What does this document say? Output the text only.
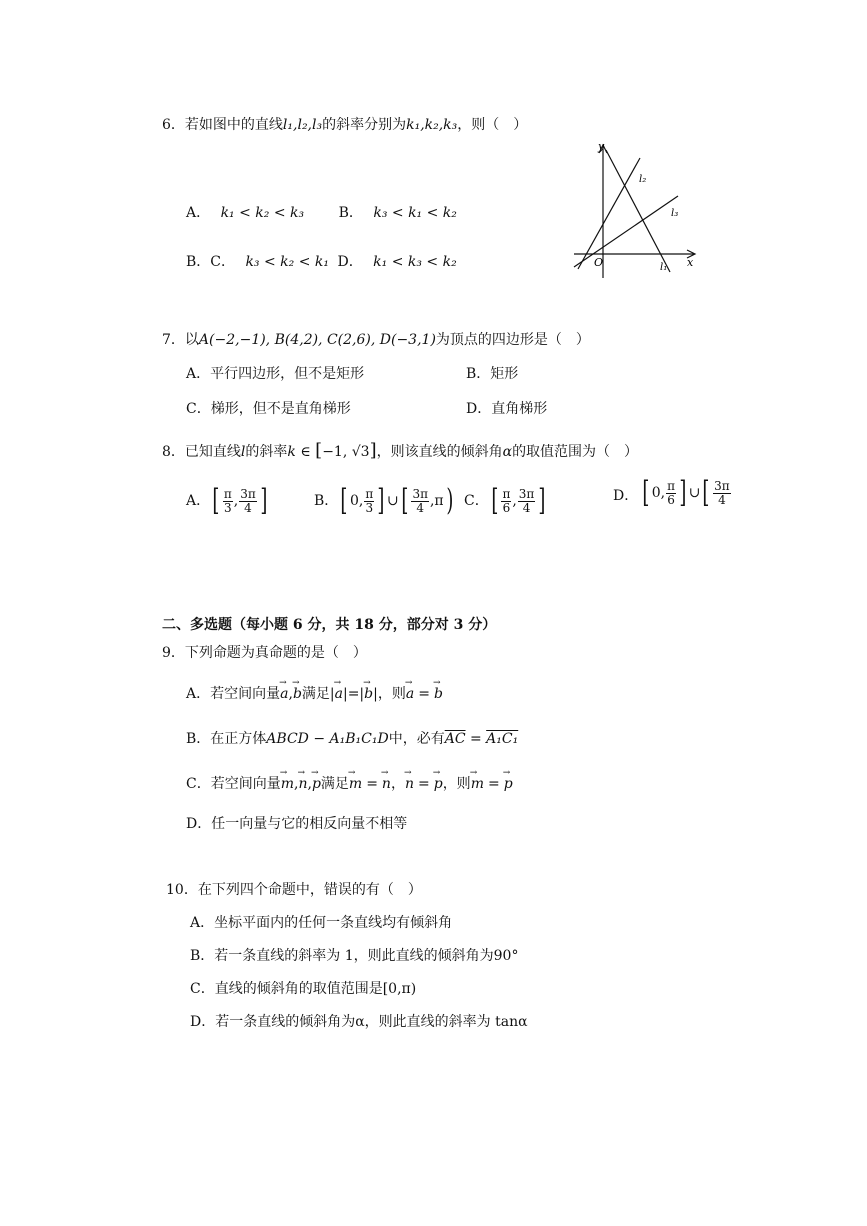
6．若如图中的直线l₁,l₂,l₃的斜率分别为k₁,k₂,k₃，则（　）
A． k₁ < k₂ < k₃ B． k₃ < k₁ < k₂
B．C． k₃ < k₂ < k₁ D． k₁ < k₃ < k₂
y
x
O	l₁
l₂
l₃
7．以A(−2,−1), B(4,2), C(2,6), D(−3,1)为顶点的四边形是（　）
A．平行四边形，但不是矩形	B．矩形
C．梯形，但不是直角梯形	D．直角梯形
8．已知直线l的斜率k ∈ [−1, √3]，则该直线的倾斜角α的取值范围为（　）
A．[ $\frac{\pi}{3}$ , $\frac{3\pi}{4}$ ]	B．[ 0, $\frac{\pi}{3}$ ] ∪[ $\frac{3\pi}{4} ,\pi$) C．[ $\frac{\pi}{6}$ , $\frac{3\pi}{4}$ ]	D． [ 0, $\frac{\pi}{6}$ ] ∪[ $\frac{3\pi}{4}$
二、多选题（每小题 6 分，共 18 分，部分对 3 分）
9．下列命题为真命题的是（　）
A．若空间向量→ a,→ b满足|→ a|=|→ b|，则→ a = → b
B．在正方体ABCD − A₁B₁C₁D中，必有$\overline{AC} = A_1C_1$
C．若空间向量→ m,→ n,→ p满足→ m = → n，→ n = → p，则→ m = → p
D．任一向量与它的相反向量不相等
10．在下列四个命题中，错误的有（　）
A．坐标平面内的任何一条直线均有倾斜角
B．若一条直线的斜率为 1，则此直线的倾斜角为90°
C．直线的倾斜角的取值范围是[0,π)
D．若一条直线的倾斜角为α，则此直线的斜率为 tanα
